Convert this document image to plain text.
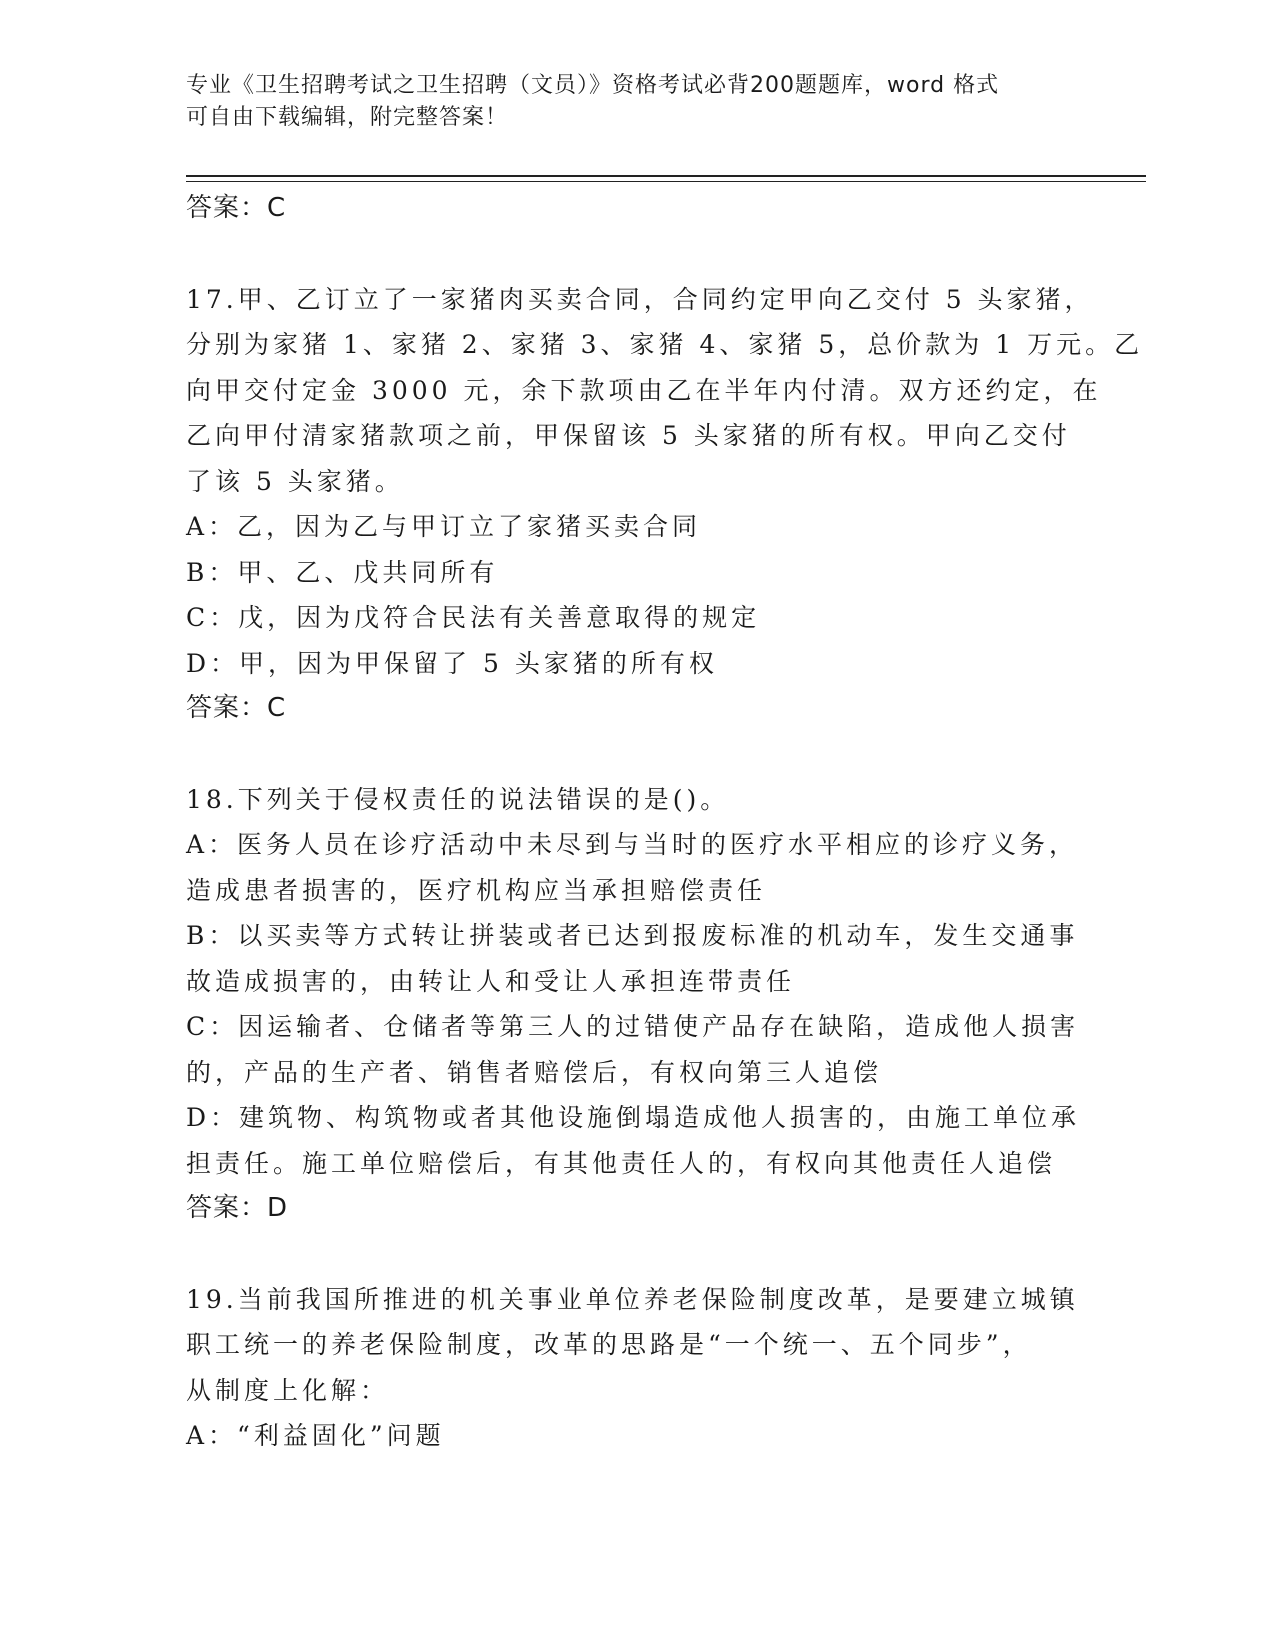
专业《卫生招聘考试之卫生招聘（文员）》资格考试必背200题题库，word 格式
可自由下载编辑，附完整答案！
答案：C
17.甲、乙订立了一家猪肉买卖合同，合同约定甲向乙交付 5 头家猪，
分别为家猪 1、家猪 2、家猪 3、家猪 4、家猪 5，总价款为 1 万元。乙
向甲交付定金 3000 元，余下款项由乙在半年内付清。双方还约定，在
乙向甲付清家猪款项之前，甲保留该 5 头家猪的所有权。甲向乙交付
了该 5 头家猪。
A：乙，因为乙与甲订立了家猪买卖合同
B：甲、乙、戊共同所有
C：戊，因为戊符合民法有关善意取得的规定
D：甲，因为甲保留了 5 头家猪的所有权
答案：C
18.下列关于侵权责任的说法错误的是()。
A：医务人员在诊疗活动中未尽到与当时的医疗水平相应的诊疗义务，
造成患者损害的，医疗机构应当承担赔偿责任
B：以买卖等方式转让拼装或者已达到报废标准的机动车，发生交通事
故造成损害的，由转让人和受让人承担连带责任
C：因运输者、仓储者等第三人的过错使产品存在缺陷，造成他人损害
的，产品的生产者、销售者赔偿后，有权向第三人追偿
D：建筑物、构筑物或者其他设施倒塌造成他人损害的，由施工单位承
担责任。施工单位赔偿后，有其他责任人的，有权向其他责任人追偿
答案：D
19.当前我国所推进的机关事业单位养老保险制度改革，是要建立城镇
职工统一的养老保险制度，改革的思路是“一个统一、五个同步”，
从制度上化解：
A：“利益固化”问题
